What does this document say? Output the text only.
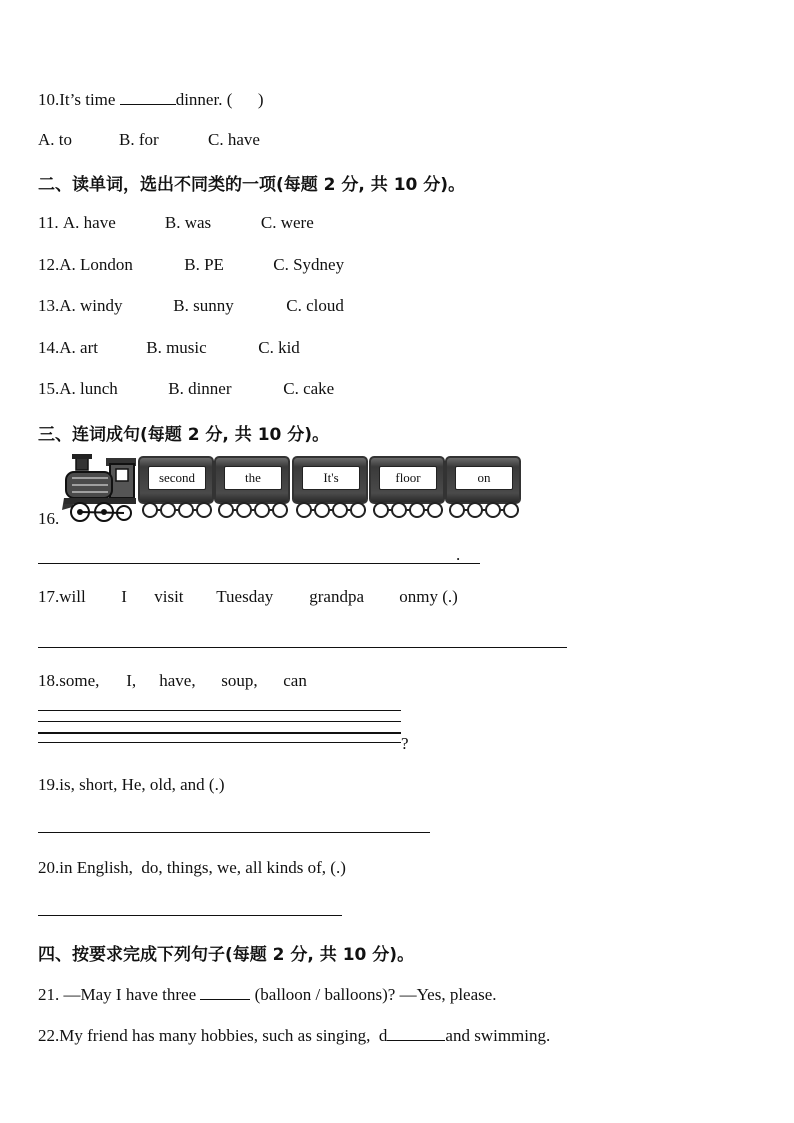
10.It’s time	dinner. (      )
A. to	B. for	C. have
二、读单词，选出不同类的一项(每题 2 分, 共 10 分)。
11. A. have	B. was	C. were
12.A. London	B. PE	C. Sydney
13.A. windy	B. sunny	C. cloud
14.A. art	B. music	C. kid
15.A. lunch	B. dinner	C. cake
三、连词成句(每题 2 分, 共 10 分)。
16.
second	the	It's	floor	on
.
17.will I visit Tuesday grandpa onmy (.)
18.some, I, have, soup, can
?
19.is, short, He, old, and (.)
20.in English,  do, things, we, all kinds of, (.)
四、按要求完成下列句子(每题 2 分, 共 10 分)。
21. —May I have three	(balloon / balloons)? —Yes, please.
22.My friend has many hobbies, such as singing,  d	and swimming.
